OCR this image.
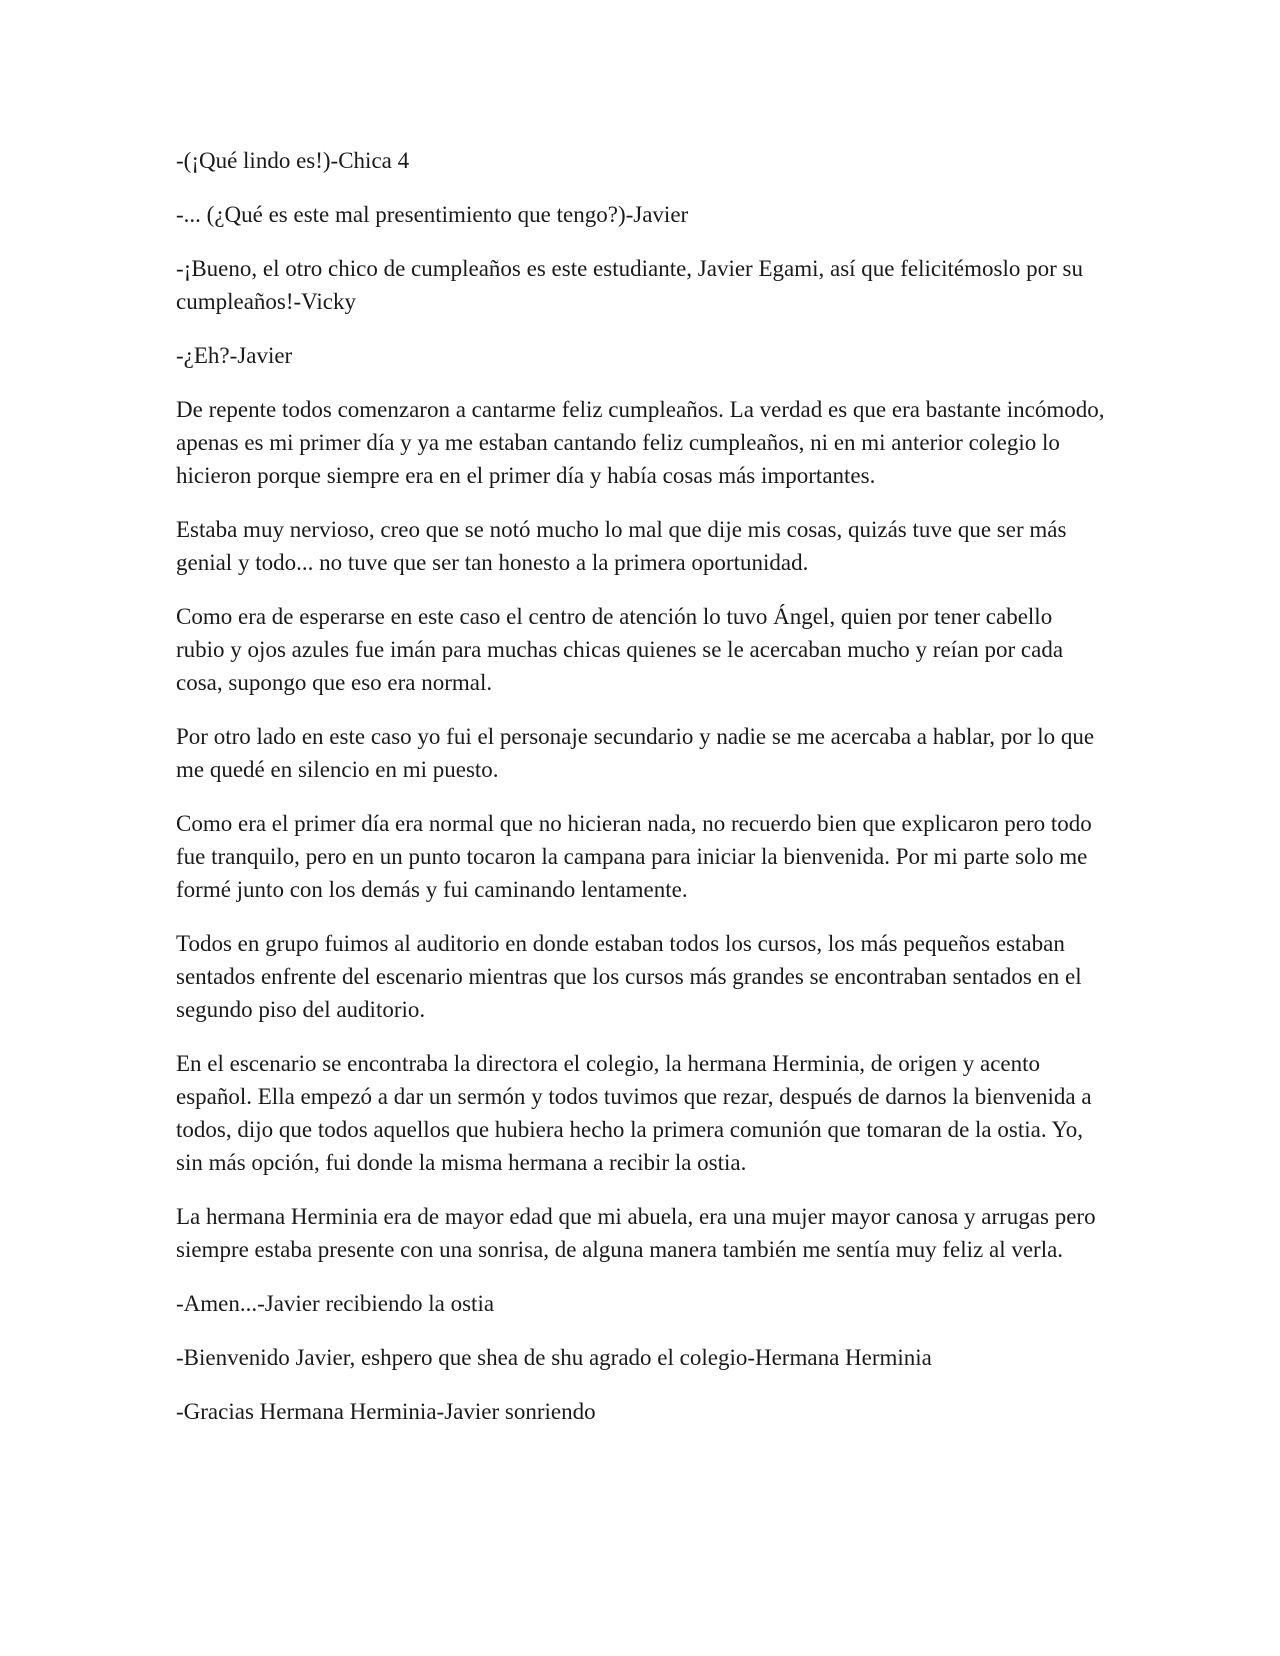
-(¡Qué lindo es!)-Chica 4

-... (¿Qué es este mal presentimiento que tengo?)-Javier

-¡Bueno, el otro chico de cumpleaños es este estudiante, Javier Egami, así que felicitémoslo por su cumpleaños!-Vicky

-¿Eh?-Javier

De repente todos comenzaron a cantarme feliz cumpleaños. La verdad es que era bastante incómodo, apenas es mi primer día y ya me estaban cantando feliz cumpleaños, ni en mi anterior colegio lo hicieron porque siempre era en el primer día y había cosas más importantes.

Estaba muy nervioso, creo que se notó mucho lo mal que dije mis cosas, quizás tuve que ser más genial y todo... no tuve que ser tan honesto a la primera oportunidad.

Como era de esperarse en este caso el centro de atención lo tuvo Ángel, quien por tener cabello rubio y ojos azules fue imán para muchas chicas quienes se le acercaban mucho y reían por cada cosa, supongo que eso era normal.

Por otro lado en este caso yo fui el personaje secundario y nadie se me acercaba a hablar, por lo que me quedé en silencio en mi puesto.

Como era el primer día era normal que no hicieran nada, no recuerdo bien que explicaron pero todo fue tranquilo, pero en un punto tocaron la campana para iniciar la bienvenida. Por mi parte solo me formé junto con los demás y fui caminando lentamente.

Todos en grupo fuimos al auditorio en donde estaban todos los cursos, los más pequeños estaban sentados enfrente del escenario mientras que los cursos más grandes se encontraban sentados en el segundo piso del auditorio.

En el escenario se encontraba la directora el colegio, la hermana Herminia, de origen y acento español. Ella empezó a dar un sermón y todos tuvimos que rezar, después de darnos la bienvenida a todos, dijo que todos aquellos que hubiera hecho la primera comunión que tomaran de la ostia. Yo, sin más opción, fui donde la misma hermana a recibir la ostia.

La hermana Herminia era de mayor edad que mi abuela, era una mujer mayor canosa y arrugas pero siempre estaba presente con una sonrisa, de alguna manera también me sentía muy feliz al verla.

-Amen...-Javier recibiendo la ostia

-Bienvenido Javier, eshpero que shea de shu agrado el colegio-Hermana Herminia

-Gracias Hermana Herminia-Javier sonriendo
